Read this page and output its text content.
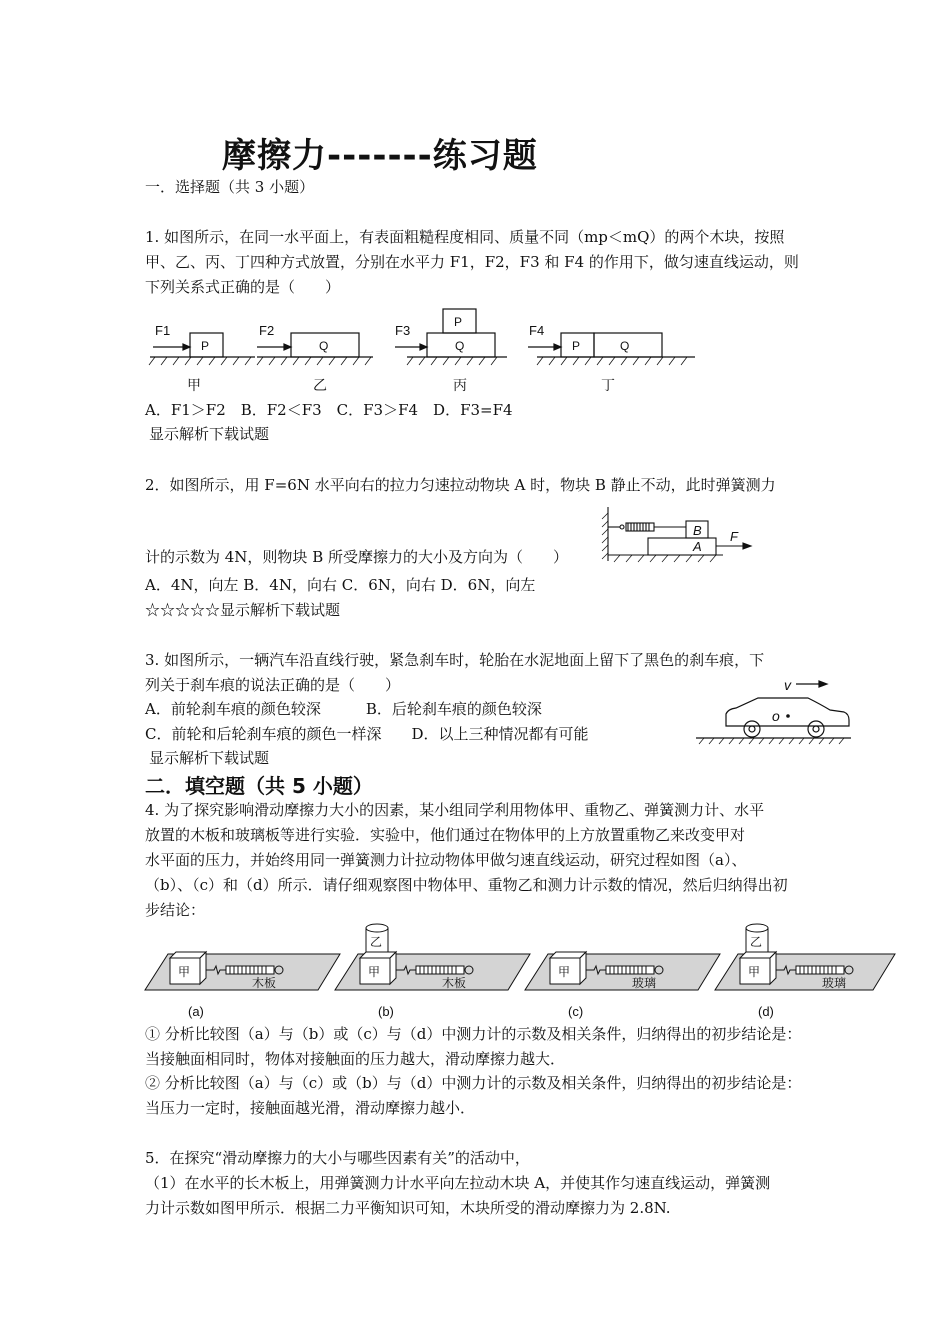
摩擦力-------练习题
一．选择题（共 3 小题）
1. 如图所示，在同一水平面上，有表面粗糙程度相同、质量不同（mp＜mQ）的两个木块，按照
甲、乙、丙、丁四种方式放置，分别在水平力 F1，F2，F3 和 F4 的作用下，做匀速直线运动，则
下列关系式正确的是（　　）
F1	F2	F3	F4
P	Q	Q
P
P	Q
甲	乙	丙	丁
A．F1＞F2　B．F2＜F3　C．F3＞F4　D．F3=F4
显示解析下载试题
2．如图所示，用 F=6N 水平向右的拉力匀速拉动物块 A 时，物块 B 静止不动，此时弹簧测力
B
A
F
计的示数为 4N，则物块 B 所受摩擦力的大小及方向为（　　）
A．4N，向左 B．4N，向右 C．6N，向右 D．6N，向左
☆☆☆☆☆显示解析下载试题
3. 如图所示，一辆汽车沿直线行驶，紧急刹车时，轮胎在水泥地面上留下了黑色的刹车痕，下
列关于刹车痕的说法正确的是（　　）
A．前轮刹车痕的颜色较深　　　B．后轮刹车痕的颜色较深
C．前轮和后轮刹车痕的颜色一样深　　D．以上三种情况都有可能
显示解析下载试题
v
o
二．填空题（共 5 小题）
4. 为了探究影响滑动摩擦力大小的因素，某小组同学利用物体甲、重物乙、弹簧测力计、水平
放置的木板和玻璃板等进行实验．实验中，他们通过在物体甲的上方放置重物乙来改变甲对
水平面的压力，并始终用同一弹簧测力计拉动物体甲做匀速直线运动，研究过程如图（a）、
（b）、（c）和（d）所示．请仔细观察图中物体甲、重物乙和测力计示数的情况，然后归纳得出初
步结论：
木板
(a)
木板
(b)
乙
玻璃
(c)
玻璃
(d)
乙
甲	甲	甲	甲
① 分析比较图（a）与（b）或（c）与（d）中测力计的示数及相关条件，归纳得出的初步结论是：
当接触面相同时，物体对接触面的压力越大，滑动摩擦力越大．
② 分析比较图（a）与（c）或（b）与（d）中测力计的示数及相关条件，归纳得出的初步结论是：
当压力一定时，接触面越光滑，滑动摩擦力越小．
5．在探究“滑动摩擦力的大小与哪些因素有关”的活动中，
（1）在水平的长木板上，用弹簧测力计水平向左拉动木块 A，并使其作匀速直线运动，弹簧测
力计示数如图甲所示．根据二力平衡知识可知，木块所受的滑动摩擦力为 2.8N.
